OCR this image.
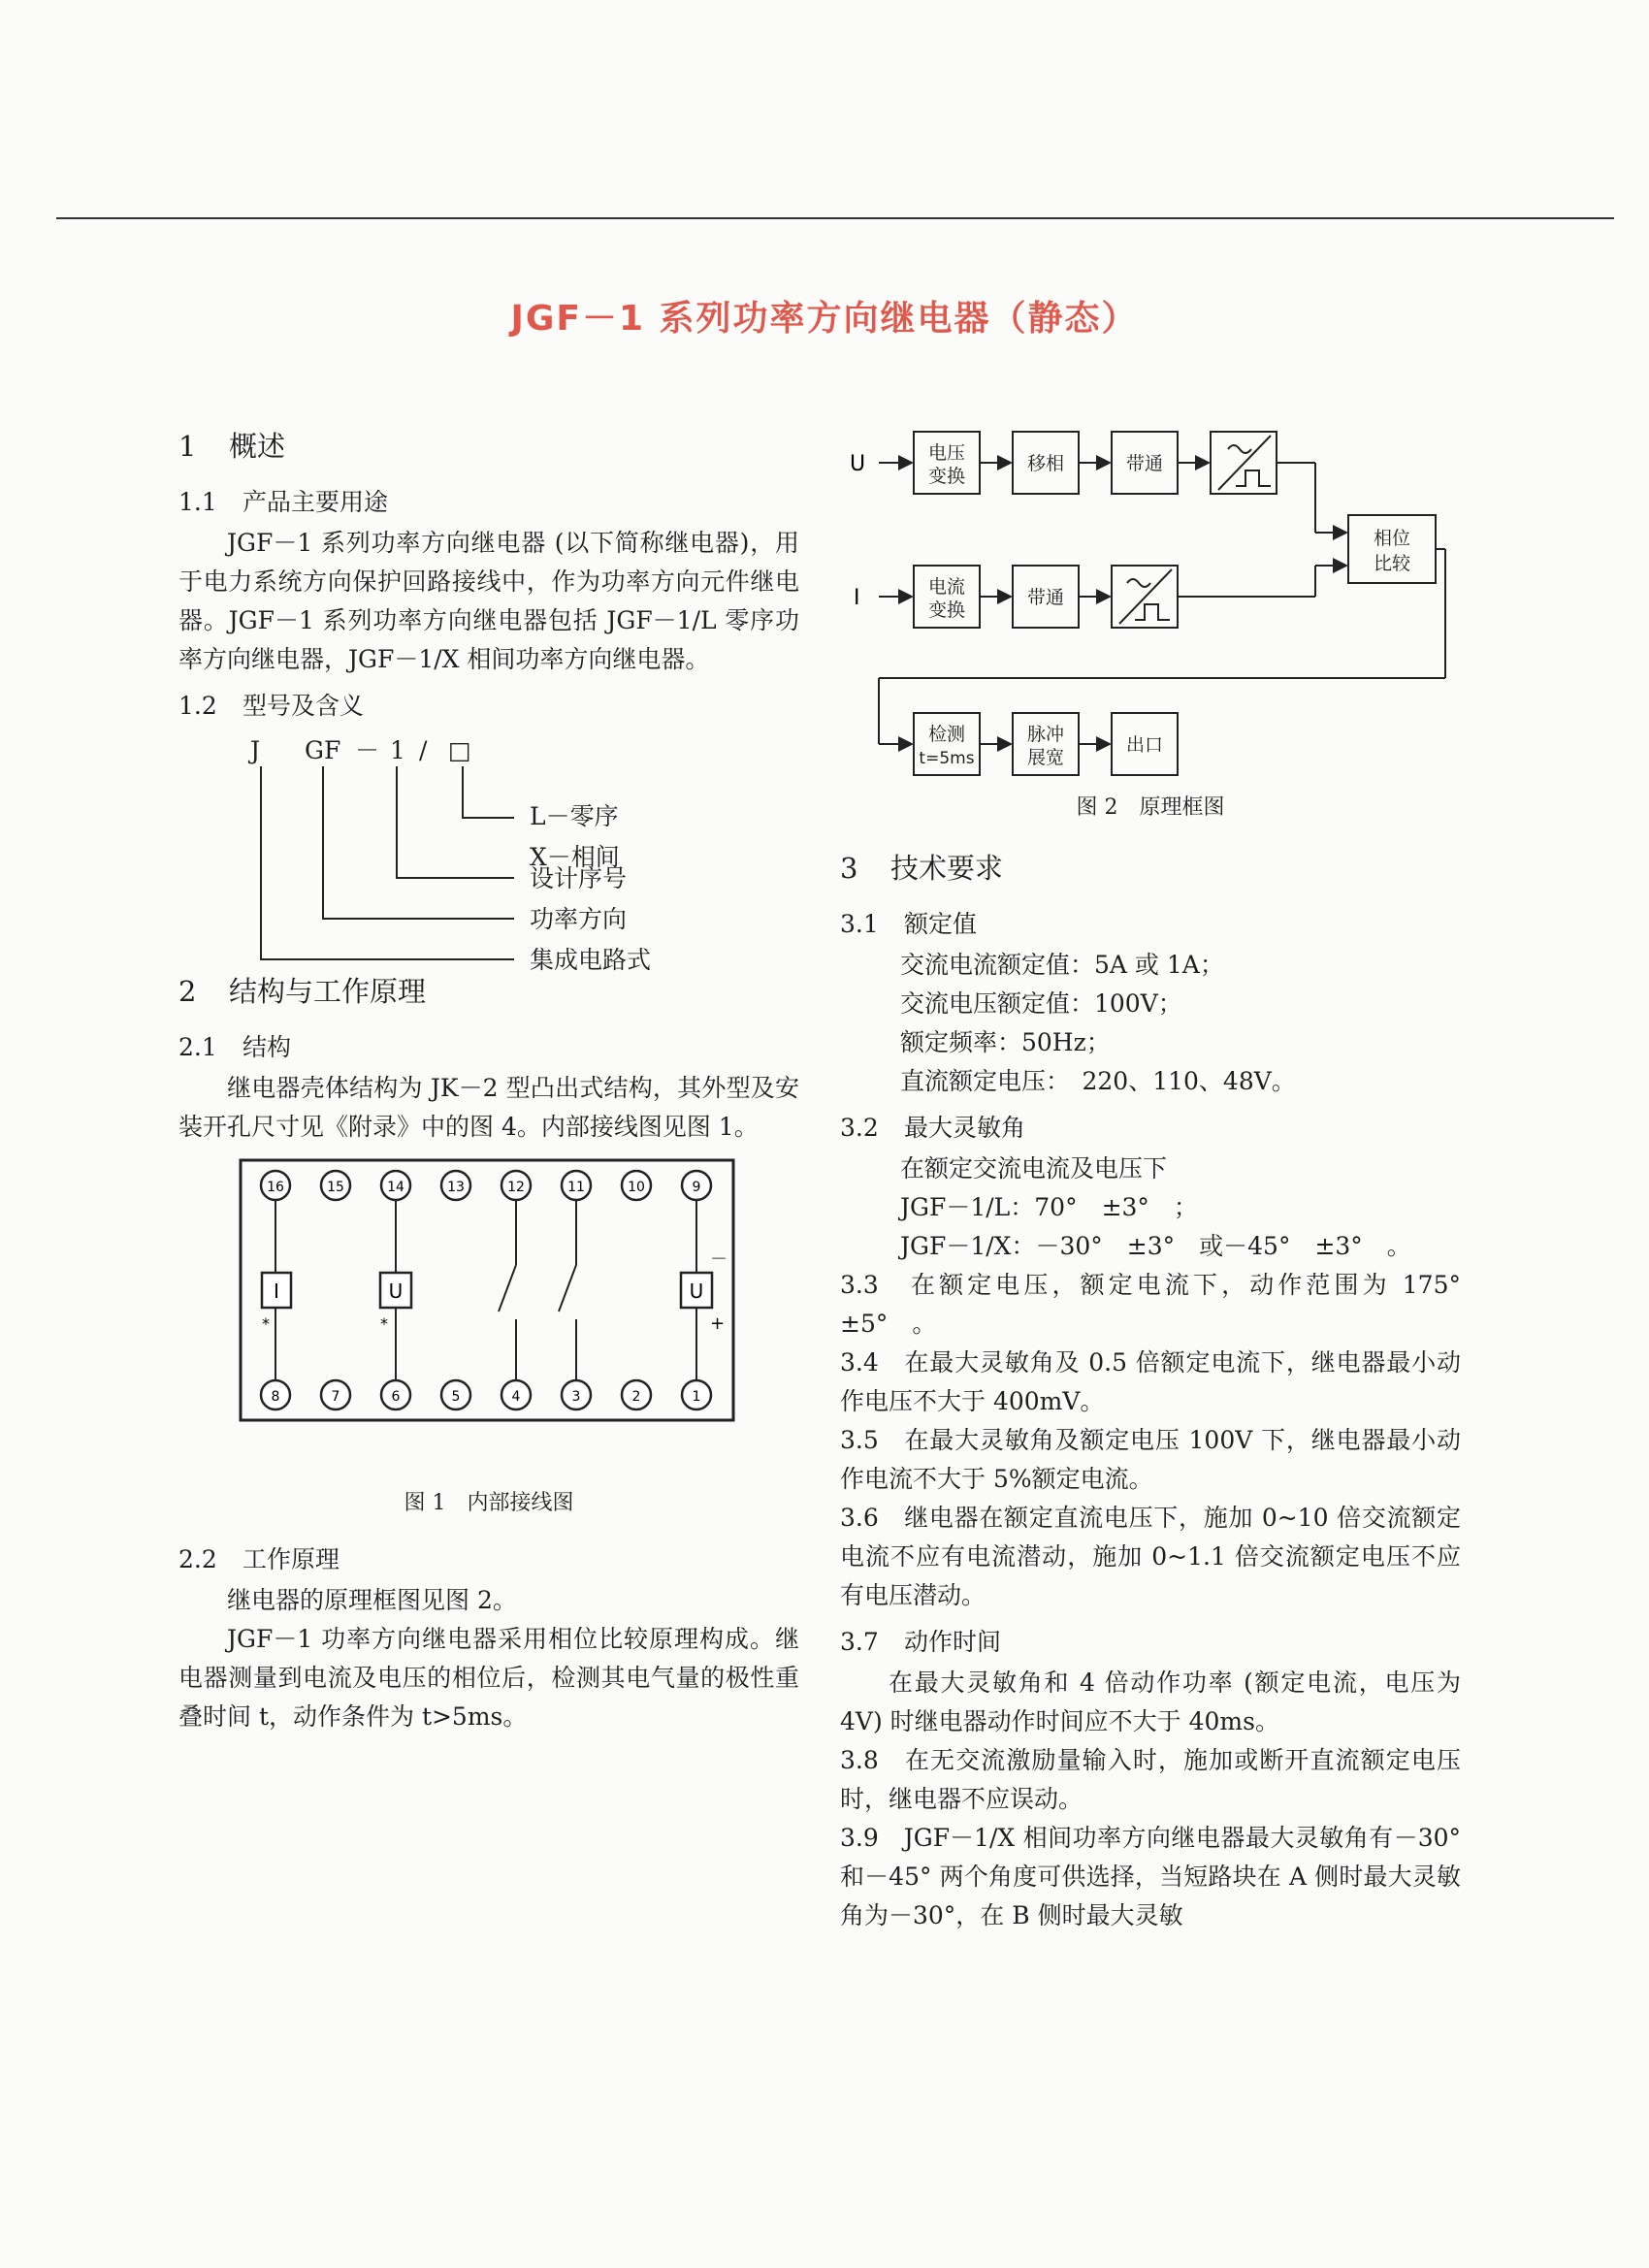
JGF－1 系列功率方向继电器（静态）
1 概述
1.1 产品主要用途
JGF－1 系列功率方向继电器 (以下简称继电器)，用于电力系统方向保护回路接线中，作为功率方向元件继电器。JGF－1 系列功率方向继电器包括 JGF－1/L 零序功率方向继电器，JGF－1/X 相间功率方向继电器。
1.2 型号及含义
J GF － 1 / □
L－零序
X－相间
设计序号
功率方向
集成电路式
2 结构与工作原理
2.1 结构
继电器壳体结构为 JK－2 型凸出式结构，其外型及安装开孔尺寸见《附录》中的图 4。内部接线图见图 1。
16	15	14	13	12	11	10	9
8	7	6	5	4	3	2	1
I
*
U
*
U
－
+
图 1　内部接线图
2.2 工作原理
继电器的原理框图见图 2。
JGF－1 功率方向继电器采用相位比较原理构成。继电器测量到电流及电压的相位后，检测其电气量的极性重叠时间 t，动作条件为 t>5ms。
U
I
电压
变换
移相	带通
电流
变换
带通
相位
比较
检测
t=5ms
脉冲
展宽
出口
图 2　原理框图
3 技术要求
3.1 额定值
交流电流额定值：5A 或 1A；
交流电压额定值：100V；
额定频率：50Hz；
直流额定电压：　220、110、48V。
3.2 最大灵敏角
在额定交流电流及电压下
JGF－1/L：70°　±3°　；
JGF－1/X：－30°　±3°　或－45°　±3°　。
3.3　在额定电压，额定电流下，动作范围为 175°　±5°　。
3.4　在最大灵敏角及 0.5 倍额定电流下，继电器最小动作电压不大于 400mV。
3.5　在最大灵敏角及额定电压 100V 下，继电器最小动作电流不大于 5%额定电流。
3.6　继电器在额定直流电压下，施加 0~10 倍交流额定电流不应有电流潜动，施加 0~1.1 倍交流额定电压不应有电压潜动。
3.7 动作时间
在最大灵敏角和 4 倍动作功率 (额定电流，电压为 4V) 时继电器动作时间应不大于 40ms。
3.8　在无交流激励量输入时，施加或断开直流额定电压时，继电器不应误动。
3.9　JGF－1/X 相间功率方向继电器最大灵敏角有－30° 和－45° 两个角度可供选择，当短路块在 A 侧时最大灵敏角为－30°，在 B 侧时最大灵敏
